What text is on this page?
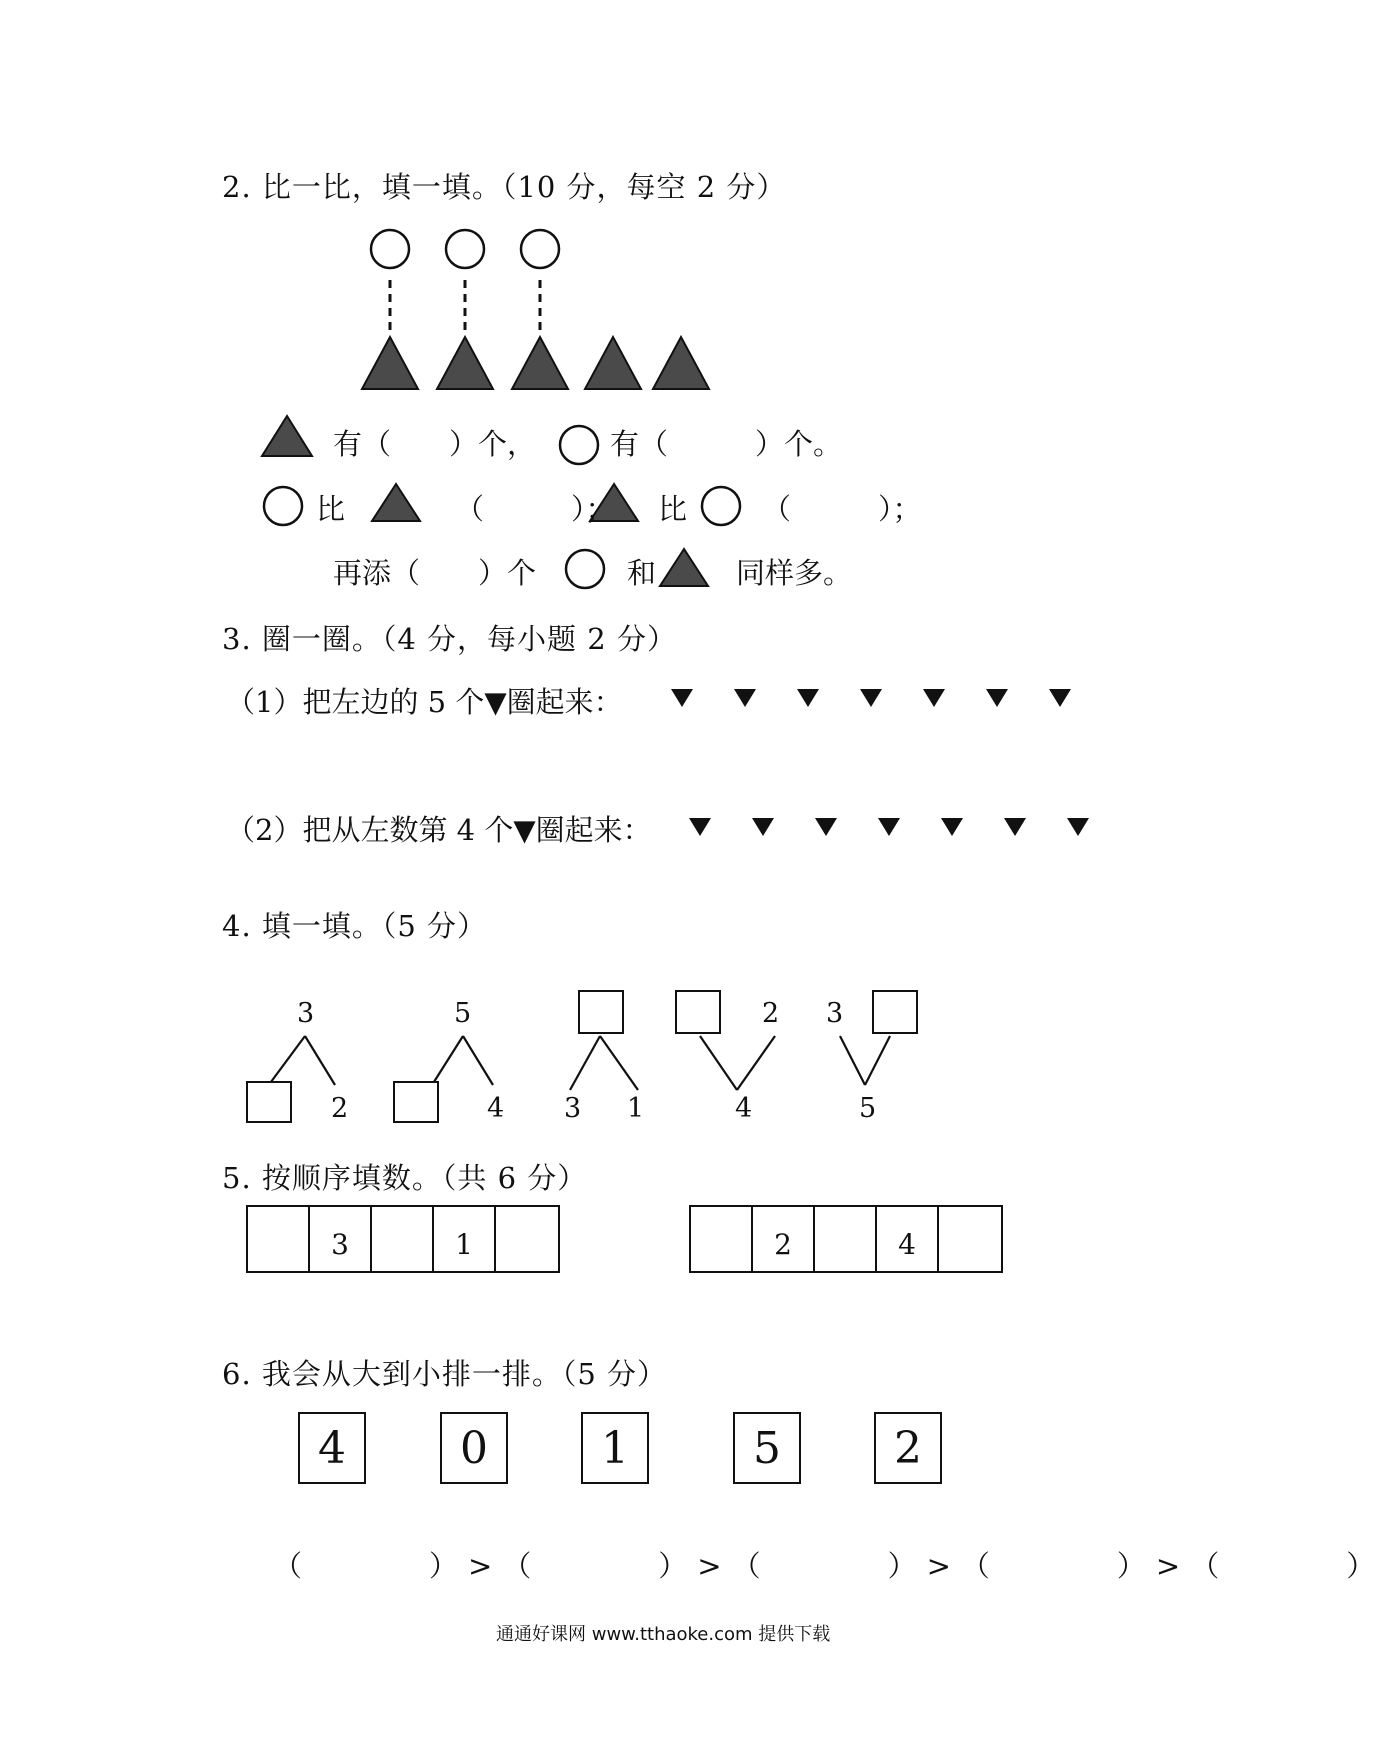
2. 比一比，填一填。（10 分，每空 2 分）
有（　　）个，	有（　　　）个。
比	（　　　）； 比	（　　　）；
再添（　　）个	和	同样多。
3. 圈一圈。（4 分，每小题 2 分）
（1）把左边的 5 个▼圈起来：
（2）把从左数第 4 个▼圈起来：
4. 填一填。（5 分）
3
2
5
4 3 1
2
4
3
5
5. 按顺序填数。（共 6 分）
3	1	2	4
6. 我会从大到小排一排。（5 分）
4	0	1	5	2
（　　　）>（　　　）>（　　　）>（　　　）>（　　　）
通通好课网 www.tthaoke.com 提供下载
